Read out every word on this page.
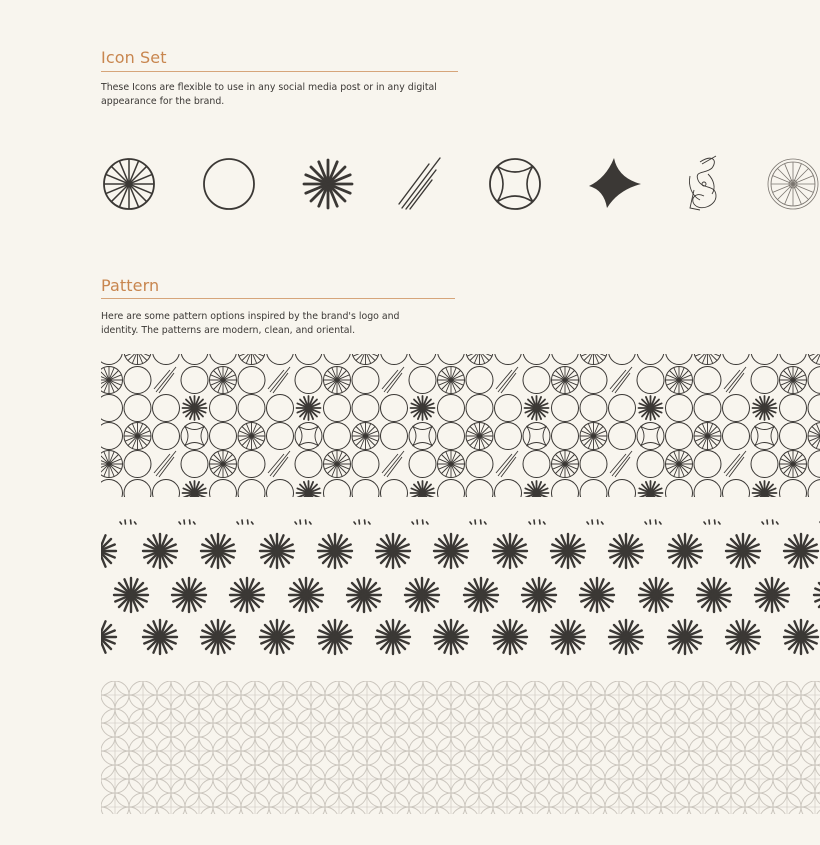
Icon Set

These Icons are flexible to use in any social media post or in any digital
appearance for the brand.

Pattern

Here are some pattern options inspired by the brand's logo and
identity. The patterns are modern, clean, and oriental.
